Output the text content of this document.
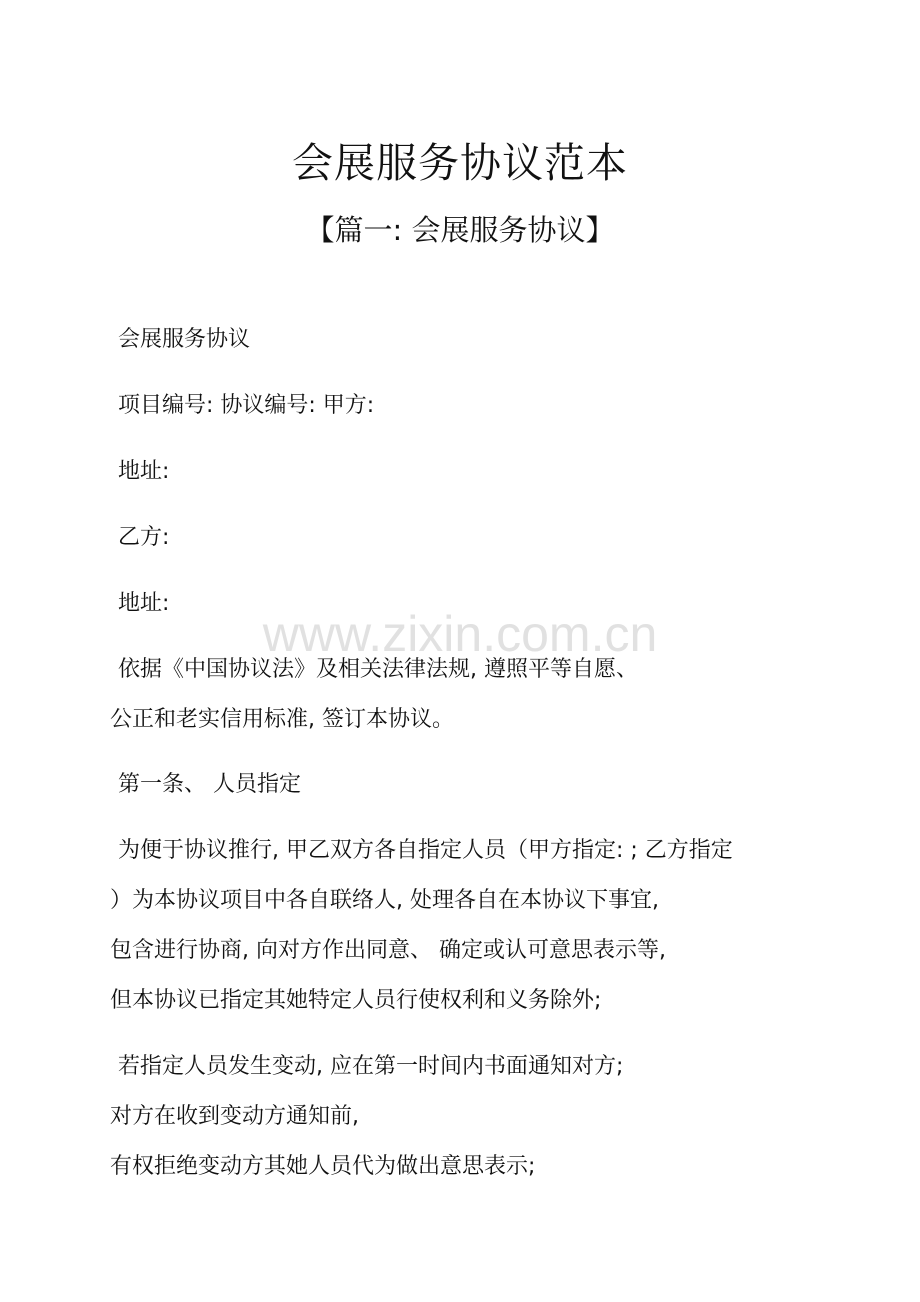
会展服务协议范本
【篇一: 会展服务协议】
会展服务协议
项目编号: 协议编号: 甲方:
地址:
乙方:
地址:
依据《中国协议法》及相关法律法规, 遵照平等自愿、
公正和老实信用标准, 签订本协议。
第一条、 人员指定
为便于协议推行, 甲乙双方各自指定人员（甲方指定: ; 乙方指定
）为本协议项目中各自联络人, 处理各自在本协议下事宜,
包含进行协商, 向对方作出同意、 确定或认可意思表示等,
但本协议已指定其她特定人员行使权利和义务除外;
若指定人员发生变动, 应在第一时间内书面通知对方;
对方在收到变动方通知前,
有权拒绝变动方其她人员代为做出意思表示;
www.zixin.com.cn
